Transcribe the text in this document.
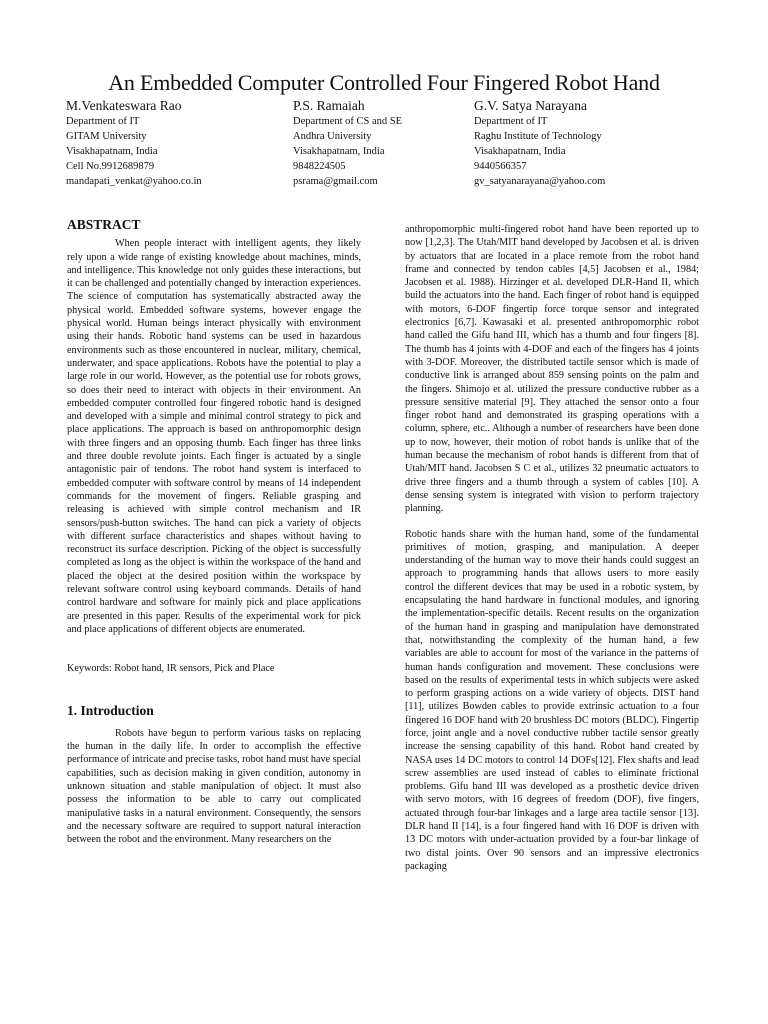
An Embedded Computer Controlled Four Fingered Robot Hand
M.Venkateswara Rao
Department of IT
GITAM University
Visakhapatnam, India
Cell No.9912689879
mandapati_venkat@yahoo.co.in
P.S. Ramaiah
Department of CS and SE
Andhra University
Visakhapatnam, India
9848224505
psrama@gmail.com
G.V. Satya Narayana
Department of IT
Raghu Institute of Technology
Visakhapatnam, India
9440566357
gv_satyanarayana@yahoo.com
ABSTRACT

When people interact with intelligent agents, they likely rely upon a wide range of existing knowledge about machines, minds, and intelligence. This knowledge not only guides these interactions, but it can be challenged and potentially changed by interaction experiences. The science of computation has systematically abstracted away the physical world. Embedded software systems, however engage the physical world. Human beings interact physically with environment using their hands. Robotic hand systems can be used in hazardous environments such as those encountered in nuclear, military, chemical, underwater, and space applications. Robots have the potential to play a large role in our world. However, as the potential use for robots grows, so does their need to interact with objects in their environment. An embedded computer controlled four fingered robotic hand is designed and developed with a simple and minimal control strategy to pick and place applications. The approach is based on anthropomorphic design with three fingers and an opposing thumb. Each finger has three links and three double revolute joints. Each finger is actuated by a single antagonistic pair of tendons. The robot hand system is interfaced to embedded computer with software control by means of 14 independent commands for the movement of fingers. Reliable grasping and releasing is achieved with simple control mechanism and IR sensors/push-button switches. The hand can pick a variety of objects with different surface characteristics and shapes without having to reconstruct its surface description. Picking of the object is successfully completed as long as the object is within the workspace of the hand and placed the object at the desired position within the workspace by relevant software control using keyboard commands. Details of hand control hardware and software for mainly pick and place applications are presented in this paper. Results of the experimental work for pick and place applications of different objects are enumerated.

Keywords: Robot hand, IR sensors, Pick and Place

1. Introduction

Robots have begun to perform various tasks on replacing the human in the daily life. In order to accomplish the effective performance of intricate and precise tasks, robot hand must have special capabilities, such as decision making in given condition, autonomy in unknown situation and stable manipulation of object. It must also possess the information to be able to carry out complicated manipulative tasks in a natural environment. Consequently, the sensors and the necessary software are required to support natural interaction between the robot and the environment. Many researchers on the

anthropomorphic multi-fingered robot hand have been reported up to now [1,2,3]. The Utah/MIT hand developed by Jacobsen et al. is driven by actuators that are located in a place remote from the robot hand frame and connected by tendon cables [4,5] Jacobsen et al., 1984; Jacobsen et al. 1988). Hirzinger et al. developed DLR-Hand II, which build the actuators into the hand. Each finger of robot hand is equipped with motors, 6-DOF fingertip force torque sensor and integrated electronics [6,7]. Kawasaki et al. presented anthropomorphic robot hand called the Gifu hand III, which has a thumb and four fingers [8]. The thumb has 4 joints with 4-DOF and each of the fingers has 4 joints with 3-DOF. Moreover, the distributed tactile sensor which is made of conductive link is arranged about 859 sensing points on the palm and the fingers. Shimojo et al. utilized the pressure conductive rubber as a pressure sensitive material [9]. They attached the sensor onto a four finger robot hand and demonstrated its grasping operations with a column, sphere, etc.. Although a number of researchers have been done up to now, however, their motion of robot hands is unlike that of the human because the mechanism of robot hands is different from that of Utah/MIT hand. Jacobsen S C et al., utilizes 32 pneumatic actuators to drive three fingers and a thumb through a system of cables [10]. A dense sensing system is integrated with vision to perform trajectory planning.

Robotic hands share with the human hand, some of the fundamental primitives of motion, grasping, and manipulation. A deeper understanding of the human way to move their hands could suggest an approach to programming hands that allows users to more easily control the different devices that may be used in a robotic system, by encapsulating the hand hardware in functional modules, and ignoring the implementation-specific details. Recent results on the organization of the human hand in grasping and manipulation have demonstrated that, notwithstanding the complexity of the human hand, a few variables are able to account for most of the variance in the patterns of human hands configuration and movement. These conclusions were based on the results of experimental tests in which subjects were asked to perform grasping actions on a wide variety of objects. DIST hand [11], utilizes Bowden cables to provide extrinsic actuation to a four fingered 16 DOF hand with 20 brushless DC motors (BLDC). Fingertip force, joint angle and a novel conductive rubber tactile sensor greatly increase the sensing capability of this hand. Robot hand created by NASA uses 14 DC motors to control 14 DOFs[12]. Flex shafts and lead screw assemblies are used instead of cables to eliminate frictional problems. Gifu hand III was developed as a prosthetic device driven with servo motors, with 16 degrees of freedom (DOF), five fingers, actuated through four-bar linkages and a large area tactile sensor [13]. DLR hand II [14], is a four fingered hand with 16 DOF is driven with 13 DC motors with under-actuation provided by a four-bar linkage of two distal joints. Over 90 sensors and an impressive electronics packaging
